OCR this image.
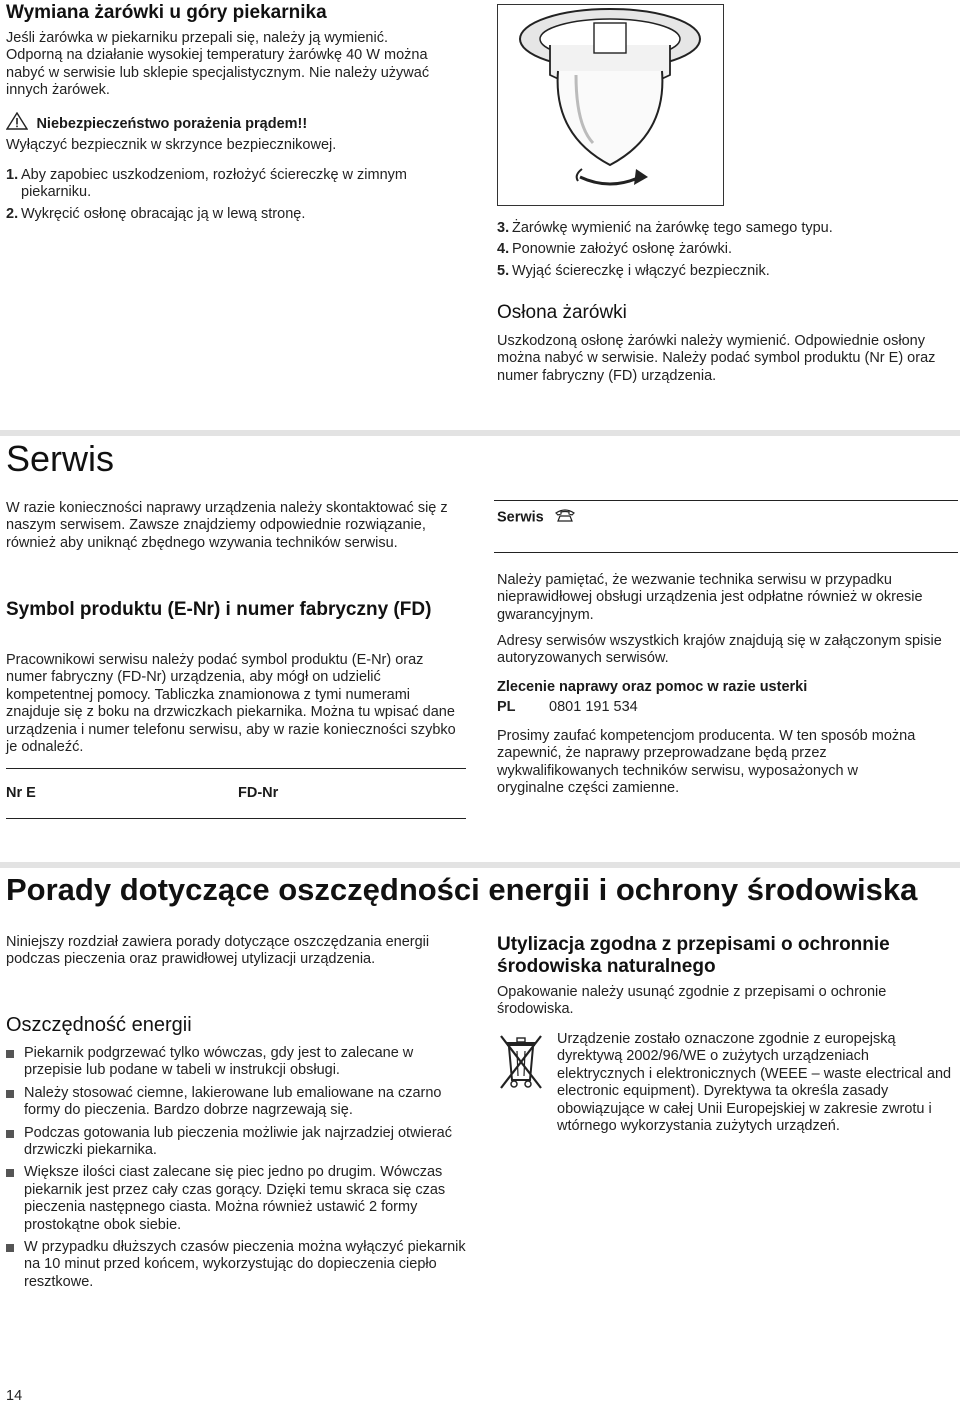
Wymiana żarówki u góry piekarnika

Jeśli żarówka w piekarniku przepali się, należy ją wymienić. Odporną na działanie wysokiej temperatury żarówkę 40 W można nabyć w serwisie lub sklepie specjalistycznym. Nie należy używać innych żarówek.

Niebezpieczeństwo porażenia prądem!!

Wyłączyć bezpiecznik w skrzynce bezpiecznikowej.

1. Aby zapobiec uszkodzeniom, rozłożyć ściereczkę w zimnym piekarniku.
2. Wykręcić osłonę obracając ją w lewą stronę.
3. Żarówkę wymienić na żarówkę tego samego typu.
4. Ponownie założyć osłonę żarówki.
5. Wyjąć ściereczkę i włączyć bezpiecznik.
Osłona żarówki

Uszkodzoną osłonę żarówki należy wymienić. Odpowiednie osłony można nabyć w serwisie. Należy podać symbol produktu (Nr E) oraz numer fabryczny (FD) urządzenia.

Serwis

W razie konieczności naprawy urządzenia należy skontaktować się z naszym serwisem. Zawsze znajdziemy odpowiednie rozwiązanie, również aby uniknąć zbędnego wzywania techników serwisu.

Symbol produktu (E-Nr) i numer fabryczny (FD)

Pracownikowi serwisu należy podać symbol produktu (E-Nr) oraz numer fabryczny (FD-Nr) urządzenia, aby mógł on udzielić kompetentnej pomocy. Tabliczka znamionowa z tymi numerami znajduje się z boku na drzwiczkach piekarnika. Można tu wpisać dane urządzenia i numer telefonu serwisu, aby w razie konieczności szybko je odnaleźć.

Nr E	FD-Nr
Serwis

Należy pamiętać, że wezwanie technika serwisu w przypadku nieprawidłowej obsługi urządzenia jest odpłatne również w okresie gwarancyjnym.

Adresy serwisów wszystkich krajów znajdują się w załączonym spisie autoryzowanych serwisów.

Zlecenie naprawy oraz pomoc w razie usterki
PL 0801 191 534

Prosimy zaufać kompetencjom producenta. W ten sposób można zapewnić, że naprawy przeprowadzane będą przez wykwalifikowanych techników serwisu, wyposażonych w oryginalne części zamienne.

Porady dotyczące oszczędności energii i ochrony środowiska

Niniejszy rozdział zawiera porady dotyczące oszczędzania energii podczas pieczenia oraz prawidłowej utylizacji urządzenia.

Oszczędność energii
Piekarnik podgrzewać tylko wówczas, gdy jest to zalecane w przepisie lub podane w tabeli w instrukcji obsługi.
Należy stosować ciemne, lakierowane lub emaliowane na czarno formy do pieczenia. Bardzo dobrze nagrzewają się.
Podczas gotowania lub pieczenia możliwie jak najrzadziej otwierać drzwiczki piekarnika.
Większe ilości ciast zalecane się piec jedno po drugim. Wówczas piekarnik jest przez cały czas gorący. Dzięki temu skraca się czas pieczenia następnego ciasta. Można również ustawić 2 formy prostokątne obok siebie.
W przypadku dłuższych czasów pieczenia można wyłączyć piekarnik na 10 minut przed końcem, wykorzystując do dopieczenia ciepło resztkowe.
Utylizacja zgodna z przepisami o ochronnie środowiska naturalnego

Opakowanie należy usunąć zgodnie z przepisami o ochronie środowiska.

Urządzenie zostało oznaczone zgodnie z europejską dyrektywą 2002/96/WE o zużytych urządzeniach elektrycznych i elektronicznych (WEEE – waste electrical and electronic equipment). Dyrektywa ta określa zasady obowiązujące w całej Unii Europejskiej w zakresie zwrotu i wtórnego wykorzystania zużytych urządzeń.

14
